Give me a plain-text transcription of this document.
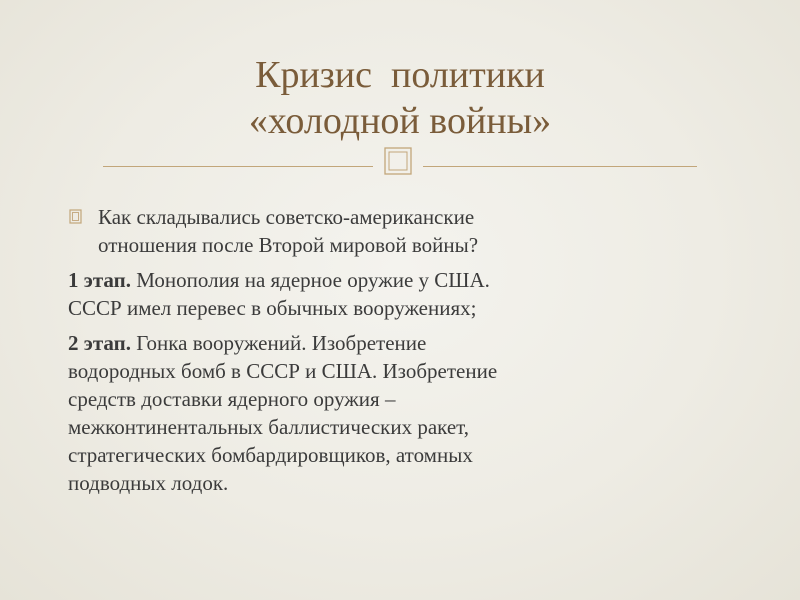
Кризис  политики
«холодной войны»
Как складывались советско-американские
отношения после Второй мировой войны?
1 этап. Монополия на ядерное оружие у США.
СССР имел перевес в обычных вооружениях;
2 этап. Гонка вооружений. Изобретение
водородных бомб в СССР и США. Изобретение
средств доставки ядерного оружия –
межконтинентальных баллистических ракет,
стратегических бомбардировщиков, атомных
подводных лодок.
